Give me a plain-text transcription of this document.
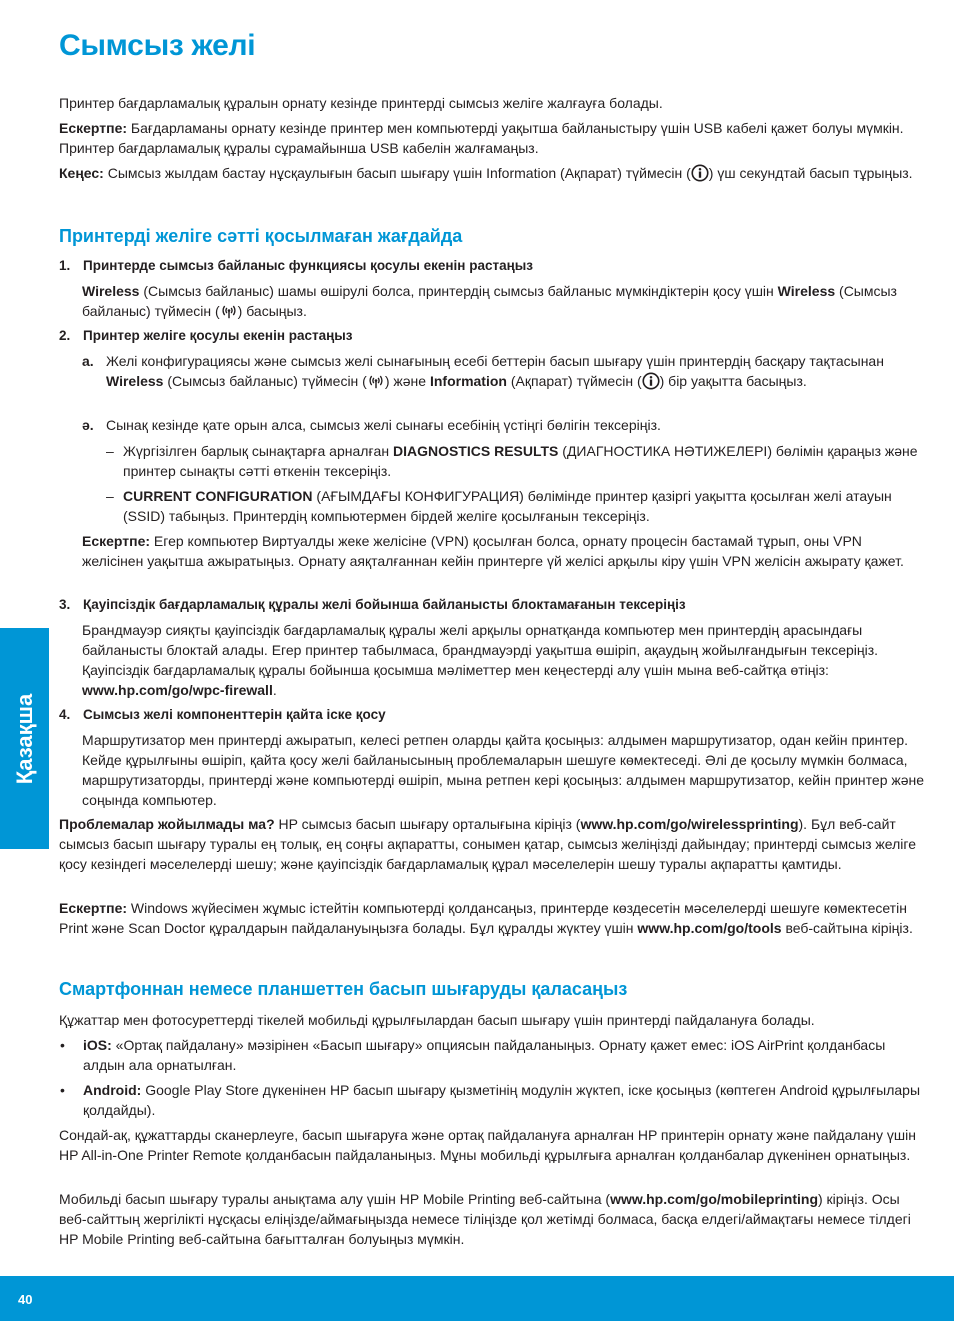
Сымсыз желі

Принтер бағдарламалық құралын орнату кезінде принтерді сымсыз желіге жалғауға болады.

Ескертпе: Бағдарламаны орнату кезінде принтер мен компьютерді уақытша байланыстыру үшін USB кабелі қажет болуы мүмкін. Принтер бағдарламалық құралы сұрамайынша USB кабелін жалғамаңыз.

Кеңес: Сымсыз жылдам бастау нұсқаулығын басып шығару үшін Information (Ақпарат) түймесін ( ) үш секундтай басып тұрыңыз.

Принтерді желіге сәтті қосылмаған жағдайда

1. Принтерде сымсыз байланыс функциясы қосулы екенін растаңыз

Wireless (Сымсыз байланыс) шамы өшірулі болса, принтердің сымсыз байланыс мүмкіндіктерін қосу үшін Wireless (Сымсыз байланыс) түймесін ( ) басыңыз.

2. Принтер желіге қосулы екенін растаңыз

a. Желі конфигурациясы және сымсыз желі сынағының есебі беттерін басып шығару үшін принтердің басқару тақтасынан Wireless (Сымсыз байланыс) түймесін ( ) және Information (Ақпарат) түймесін ( ) бір уақытта басыңыз.

ә. Сынақ кезінде қате орын алса, сымсыз желі сынағы есебінің үстіңгі бөлігін тексеріңіз.

– Жүргізілген барлық сынақтарға арналған DIAGNOSTICS RESULTS (ДИАГНОСТИКА НӘТИЖЕЛЕРІ) бөлімін қараңыз және принтер сынақты сәтті өткенін тексеріңіз.

– CURRENT CONFIGURATION (АҒЫМДАҒЫ КОНФИГУРАЦИЯ) бөлімінде принтер қазіргі уақытта қосылған желі атауын (SSID) табыңыз. Принтердің компьютермен бірдей желіге қосылғанын тексеріңіз.

Ескертпе: Егер компьютер Виртуалды жеке желісіне (VPN) қосылған болса, орнату процесін бастамай тұрып, оны VPN желісінен уақытша ажыратыңыз. Орнату аяқталғаннан кейін принтерге үй желісі арқылы кіру үшін VPN желісін ажырату қажет.

3. Қауіпсіздік бағдарламалық құралы желі бойынша байланысты блоктамағанын тексеріңіз

Брандмауэр сияқты қауіпсіздік бағдарламалық құралы желі арқылы орнатқанда компьютер мен принтердің арасындағы байланысты блоктай алады. Егер принтер табылмаса, брандмауэрді уақытша өшіріп, ақаудың жойылғандығын тексеріңіз. Қауіпсіздік бағдарламалық құралы бойынша қосымша мәліметтер мен кеңестерді алу үшін мына веб-сайтқа өтіңіз: www.hp.com/go/wpc-firewall.

4. Сымсыз желі компоненттерін қайта іске қосу

Маршрутизатор мен принтерді ажыратып, келесі ретпен оларды қайта қосыңыз: алдымен маршрутизатор, одан кейін принтер. Кейде құрылғыны өшіріп, қайта қосу желі байланысының проблемаларын шешуге көмектеседі. Әлі де қосылу мүмкін болмаса, маршрутизаторды, принтерді және компьютерді өшіріп, мына ретпен кері қосыңыз: алдымен маршрутизатор, кейін принтер және соңында компьютер.

Проблемалар жойылмады ма? HP сымсыз басып шығару орталығына кіріңіз (www.hp.com/go/wirelessprinting). Бұл веб-сайт сымсыз басып шығару туралы ең толық, ең соңғы ақпаратты, сонымен қатар, сымсыз желіңізді дайындау; принтерді сымсыз желіге қосу кезіндегі мәселелерді шешу; және қауіпсіздік бағдарламалық құрал мәселелерін шешу туралы ақпаратты қамтиды.

Ескертпе: Windows жүйесімен жұмыс істейтін компьютерді қолдансаңыз, принтерде көздесетін мәселелерді шешуге көмектесетін Print және Scan Doctor құралдарын пайдалануыңызға болады. Бұл құралды жүктеу үшін www.hp.com/go/tools веб-сайтына кіріңіз.

Смартфоннан немесе планшеттен басып шығаруды қаласаңыз

Құжаттар мен фотосуреттерді тікелей мобильді құрылғылардан басып шығару үшін принтерді пайдалануға болады.

• iOS: «Ортақ пайдалану» мәзірінен «Басып шығару» опциясын пайдаланыңыз. Орнату қажет емес: iOS AirPrint қолданбасы алдын ала орнатылған.

• Android: Google Play Store дүкенінен HP басып шығару қызметінің модулін жүктеп, іске қосыңыз (көптеген Android құрылғылары қолдайды).

Сондай-ақ, құжаттарды сканерлеуге, басып шығаруға және ортақ пайдалануға арналған HP принтерін орнату және пайдалану үшін HP All-in-One Printer Remote қолданбасын пайдаланыңыз. Мұны мобильді құрылғыға арналған қолданбалар дүкенінен орнатыңыз.

Мобильді басып шығару туралы анықтама алу үшін HP Mobile Printing веб-сайтына (www.hp.com/go/mobileprinting) кіріңіз. Осы веб-сайттың жергілікті нұсқасы еліңізде/аймағыңызда немесе тіліңізде қол жетімді болмаса, басқа елдегі/аймақтағы немесе тілдегі HP Mobile Printing веб-сайтына бағытталған болуыңыз мүмкін.

Қазақша
40
